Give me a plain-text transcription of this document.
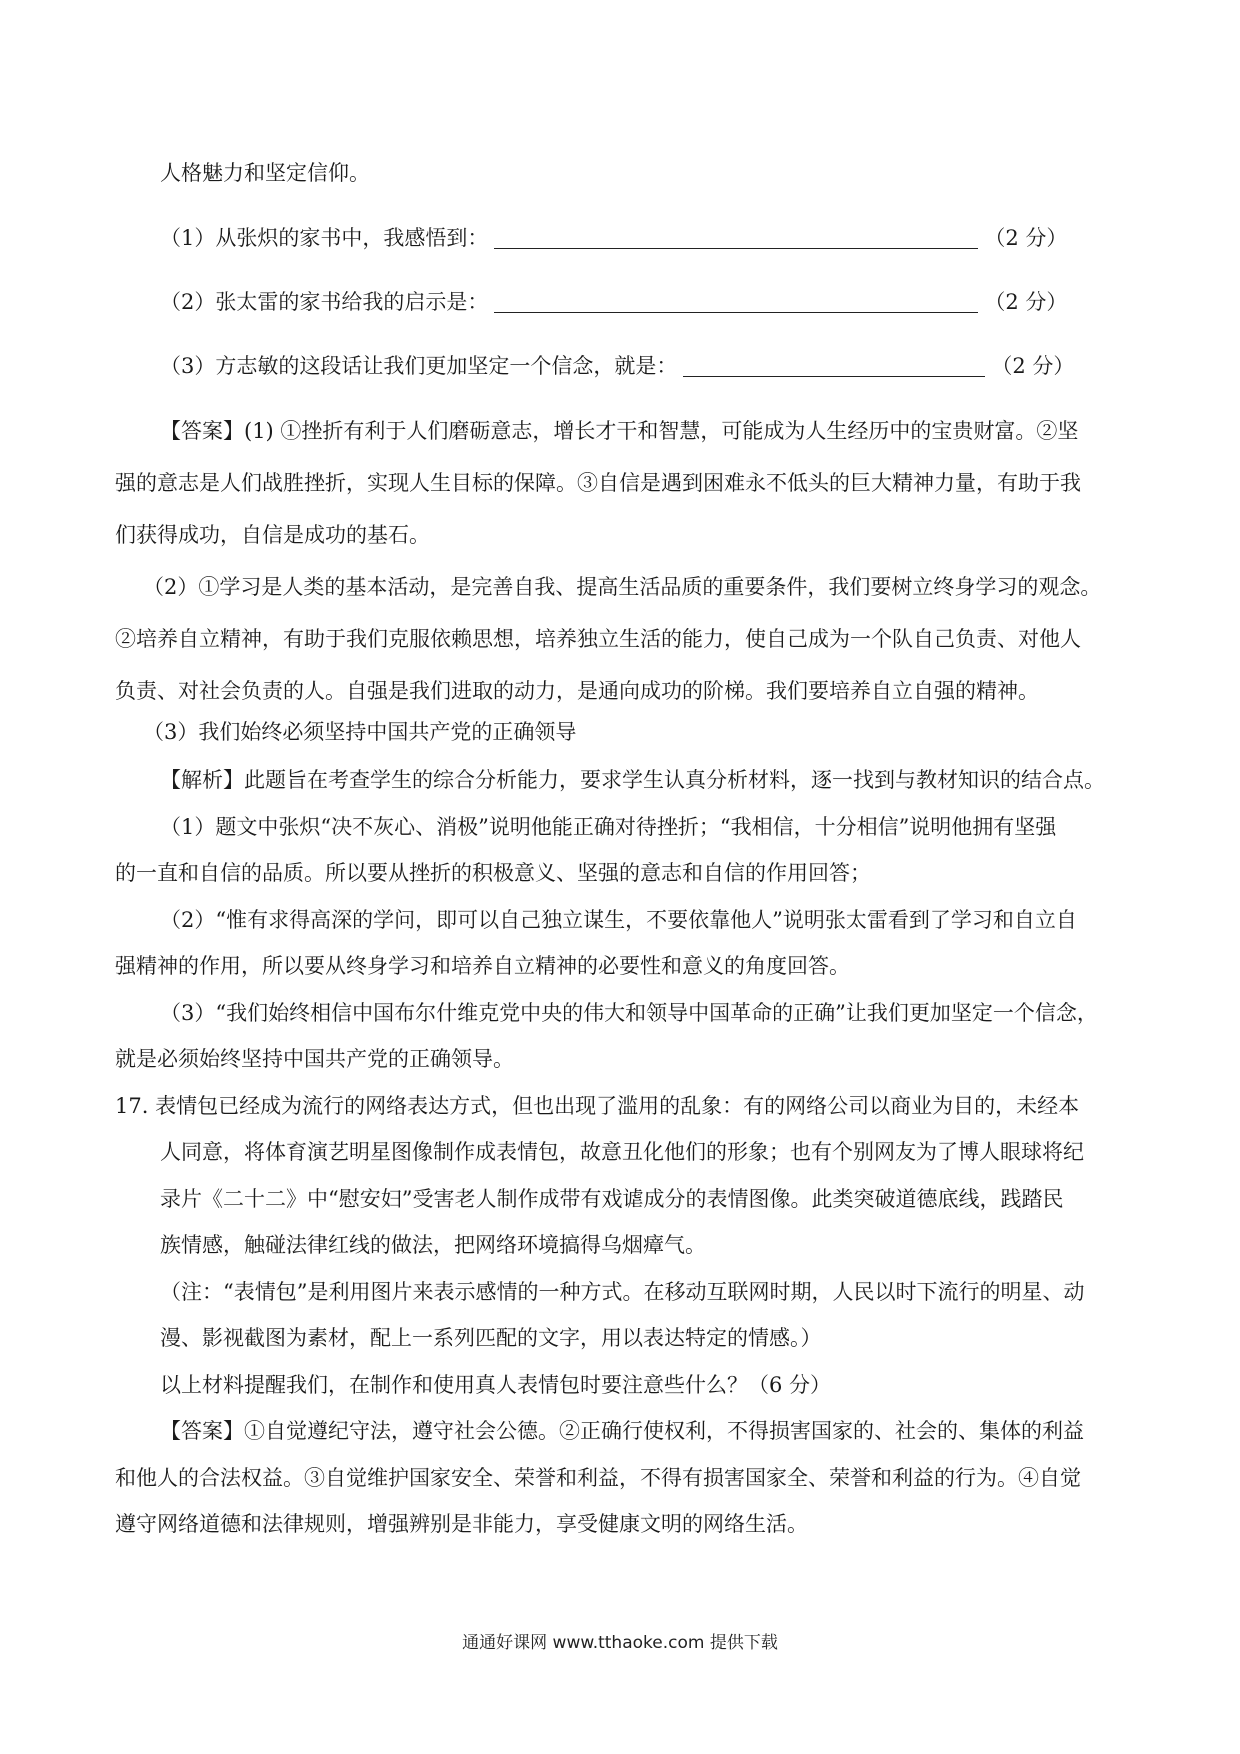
人格魅力和坚定信仰。
（1）从张炽的家书中，我感悟到：	（2 分）
（2）张太雷的家书给我的启示是：	（2 分）
（3）方志敏的这段话让我们更加坚定一个信念，就是：	（2 分）
【答案】(1) ①挫折有利于人们磨砺意志，增长才干和智慧，可能成为人生经历中的宝贵财富。②坚
强的意志是人们战胜挫折，实现人生目标的保障。③自信是遇到困难永不低头的巨大精神力量，有助于我
们获得成功，自信是成功的基石。
（2）①学习是人类的基本活动，是完善自我、提高生活品质的重要条件，我们要树立终身学习的观念。
②培养自立精神，有助于我们克服依赖思想，培养独立生活的能力，使自己成为一个队自己负责、对他人
负责、对社会负责的人。自强是我们进取的动力，是通向成功的阶梯。我们要培养自立自强的精神。
（3）我们始终必须坚持中国共产党的正确领导
【解析】此题旨在考查学生的综合分析能力，要求学生认真分析材料，逐一找到与教材知识的结合点。
（1）题文中张炽“决不灰心、消极”说明他能正确对待挫折；“我相信，十分相信”说明他拥有坚强
的一直和自信的品质。所以要从挫折的积极意义、坚强的意志和自信的作用回答；
（2）“惟有求得高深的学问，即可以自己独立谋生，不要依靠他人”说明张太雷看到了学习和自立自
强精神的作用，所以要从终身学习和培养自立精神的必要性和意义的角度回答。
（3）“我们始终相信中国布尔什维克党中央的伟大和领导中国革命的正确”让我们更加坚定一个信念，
就是必须始终坚持中国共产党的正确领导。
17. 表情包已经成为流行的网络表达方式，但也出现了滥用的乱象：有的网络公司以商业为目的，未经本
人同意，将体育演艺明星图像制作成表情包，故意丑化他们的形象；也有个别网友为了博人眼球将纪
录片《二十二》中“慰安妇”受害老人制作成带有戏谑成分的表情图像。此类突破道德底线，践踏民
族情感，触碰法律红线的做法，把网络环境搞得乌烟瘴气。
（注：“表情包”是利用图片来表示感情的一种方式。在移动互联网时期，人民以时下流行的明星、动
漫、影视截图为素材，配上一系列匹配的文字，用以表达特定的情感。）
以上材料提醒我们，在制作和使用真人表情包时要注意些什么？（6 分）
【答案】①自觉遵纪守法，遵守社会公德。②正确行使权利，不得损害国家的、社会的、集体的利益
和他人的合法权益。③自觉维护国家安全、荣誉和利益，不得有损害国家全、荣誉和利益的行为。④自觉
遵守网络道德和法律规则，增强辨别是非能力，享受健康文明的网络生活。
通通好课网 www.tthaoke.com 提供下载
